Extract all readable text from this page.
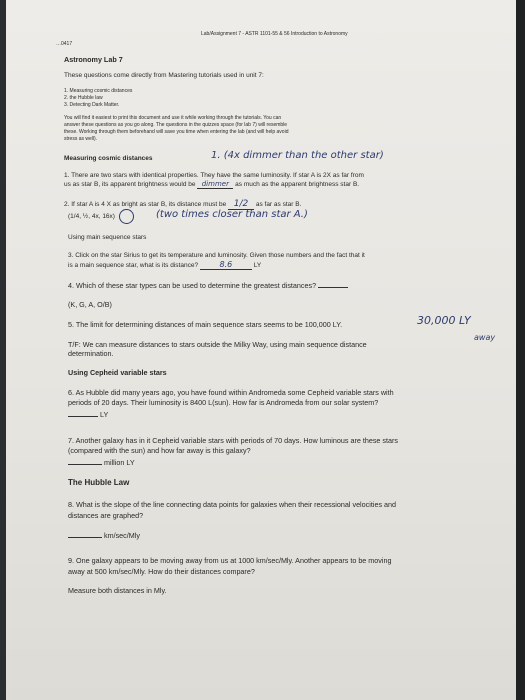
…0417
Lab/Assignment 7 - ASTR 1101-55 & 56 Introduction to Astronomy
Astronomy Lab 7
These questions come directly from Mastering tutorials used in unit 7:
1. Measuring cosmic distances
2. the Hubble law
3. Detecting Dark Matter.
You will find it easiest to print this document and use it while working through the tutorials. You can
answer these questions as you go along. The questions in the quizzes space (for lab 7) will resemble
these. Working through them beforehand will save you time when entering the lab (and will help avoid
stress as well).
Measuring cosmic distances	1. (4x dimmer than the other star)
1. There are two stars with identical properties. They have the same luminosity. If star A is 2X as far from
us as star B, its apparent brightness would be dimmer as much as the apparent brightness star B.
2. If star A is 4 X as bright as star B, its distance must be 1/2 as far as star B.
(1/4, ½, 4x, 16x)	(two times closer than star A.)
Using main sequence stars
3. Click on the star Sirius to get its temperature and luminosity. Given those numbers and the fact that it
is a main sequence star, what is its distance?	8.6	LY
4. Which of these star types can be used to determine the greatest distances?
(K, G, A, O/B)
5. The limit for determining distances of main sequence stars seems to be 100,000 LY.	30,000 LY
T/F: We can measure distances to stars outside the Milky Way, using main sequence distance
away
determination.
Using Cepheid variable stars
6. As Hubble did many years ago, you have found within Andromeda some Cepheid variable stars with
periods of 20 days. Their luminosity is 8400 L(sun). How far is Andromeda from our solar system?
LY
7. Another galaxy has in it Cepheid variable stars with periods of 70 days. How luminous are these stars
(compared with the sun) and how far away is this galaxy?
million LY
The Hubble Law
8. What is the slope of the line connecting data points for galaxies when their recessional velocities and
distances are graphed?
km/sec/Mly
9. One galaxy appears to be moving away from us at 1000 km/sec/Mly. Another appears to be moving
away at 500 km/sec/Mly. How do their distances compare?
Measure both distances in Mly.
